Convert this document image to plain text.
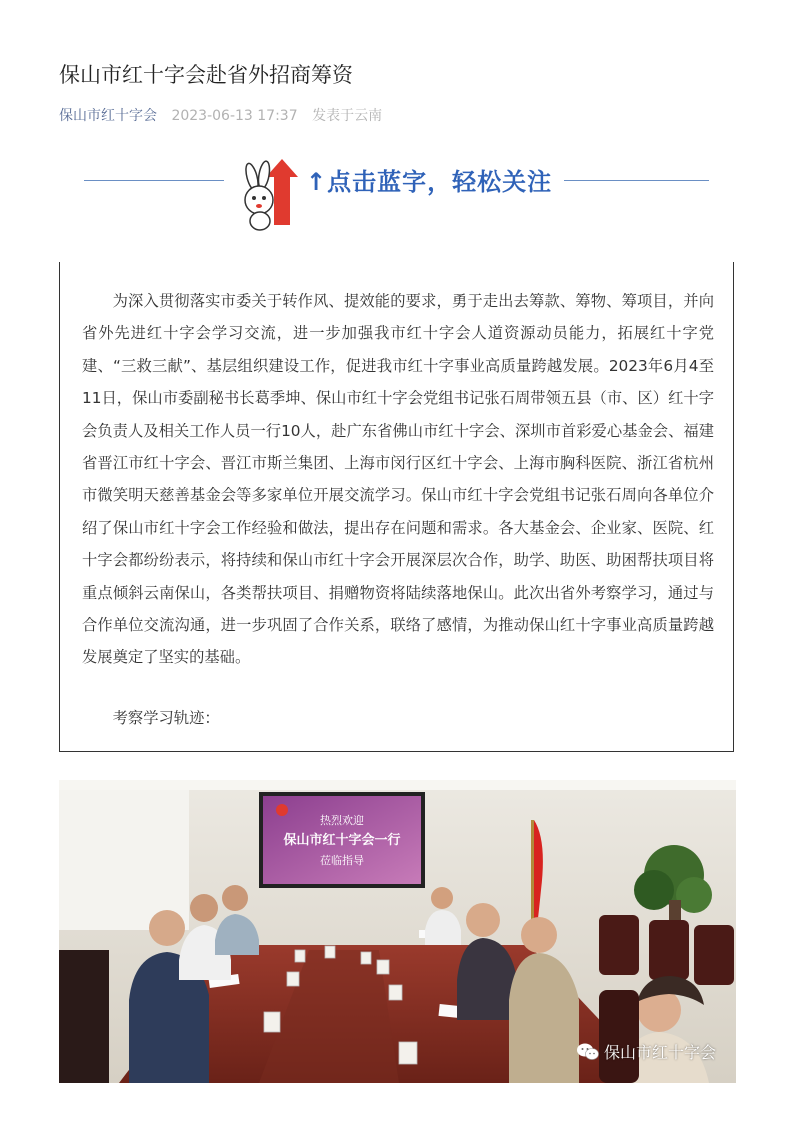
保山市红十字会赴省外招商筹资
保山市红十字会 2023-06-13 17:37 发表于云南
↑点击蓝字，轻松关注

为深入贯彻落实市委关于转作风、提效能的要求，勇于走出去筹款、筹物、筹项目，并向省外先进红十字会学习交流，进一步加强我市红十字会人道资源动员能力，拓展红十字党建、“三救三献”、基层组织建设工作，促进我市红十字事业高质量跨越发展。2023年6月4至11日，保山市委副秘书长葛季坤、保山市红十字会党组书记张石周带领五县（市、区）红十字会负责人及相关工作人员一行10人，赴广东省佛山市红十字会、深圳市首彩爱心基金会、福建省晋江市红十字会、晋江市斯兰集团、上海市闵行区红十字会、上海市胸科医院、浙江省杭州市微笑明天慈善基金会等多家单位开展交流学习。保山市红十字会党组书记张石周向各单位介绍了保山市红十字会工作经验和做法，提出存在问题和需求。各大基金会、企业家、医院、红十字会都纷纷表示，将持续和保山市红十字会开展深层次合作，助学、助医、助困帮扶项目将重点倾斜云南保山，各类帮扶项目、捐赠物资将陆续落地保山。此次出省外考察学习，通过与合作单位交流沟通，进一步巩固了合作关系，联络了感情，为推动保山红十字事业高质量跨越发展奠定了坚实的基础。

考察学习轨迹：

热烈欢迎
保山市红十字会一行
莅临指导
保山市红十字会
